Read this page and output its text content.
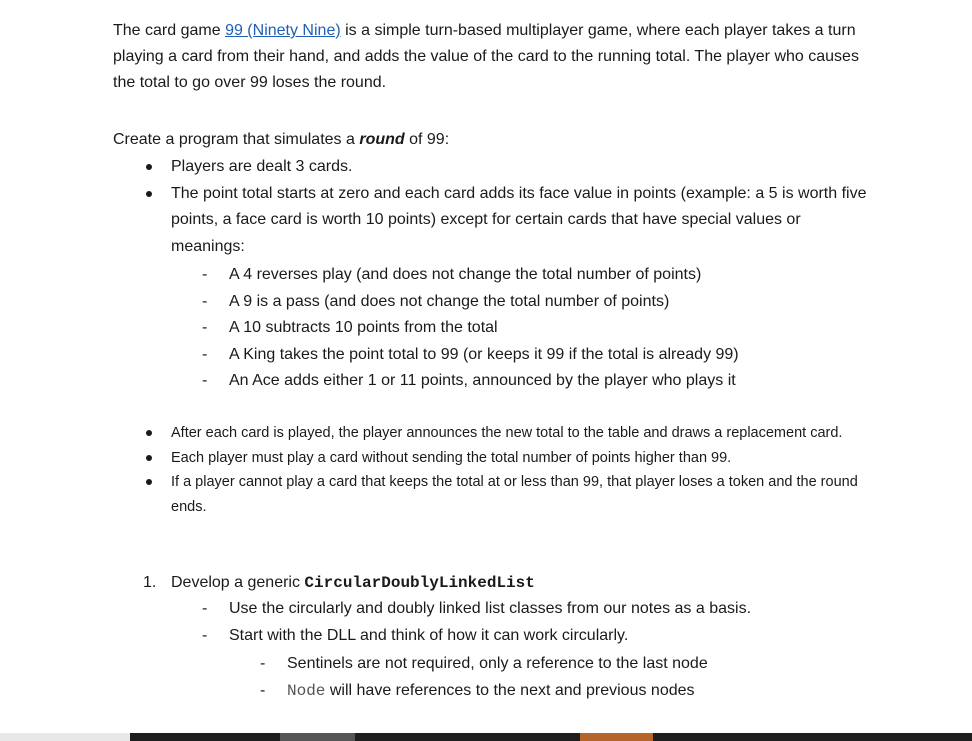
The card game 99 (Ninety Nine) is a simple turn-based multiplayer game, where each player takes a turn playing a card from their hand, and adds the value of the card to the running total. The player who causes the total to go over 99 loses the round.

Create a program that simulates a round of 99:

Players are dealt 3 cards.
The point total starts at zero and each card adds its face value in points (example: a 5 is worth five points, a face card is worth 10 points) except for certain cards that have special values or meanings:
- A 4 reverses play (and does not change the total number of points)
- A 9 is a pass (and does not change the total number of points)
- A 10 subtracts 10 points from the total
- A King takes the point total to 99 (or keeps it 99 if the total is already 99)
- An Ace adds either 1 or 11 points, announced by the player who plays it
After each card is played, the player announces the new total to the table and draws a replacement card.
Each player must play a card without sending the total number of points higher than 99.
If a player cannot play a card that keeps the total at or less than 99, that player loses a token and the round ends.
1. Develop a generic CircularDoublyLinkedList
- Use the circularly and doubly linked list classes from our notes as a basis.
- Start with the DLL and think of how it can work circularly.
- Sentinels are not required, only a reference to the last node
- Node will have references to the next and previous nodes
